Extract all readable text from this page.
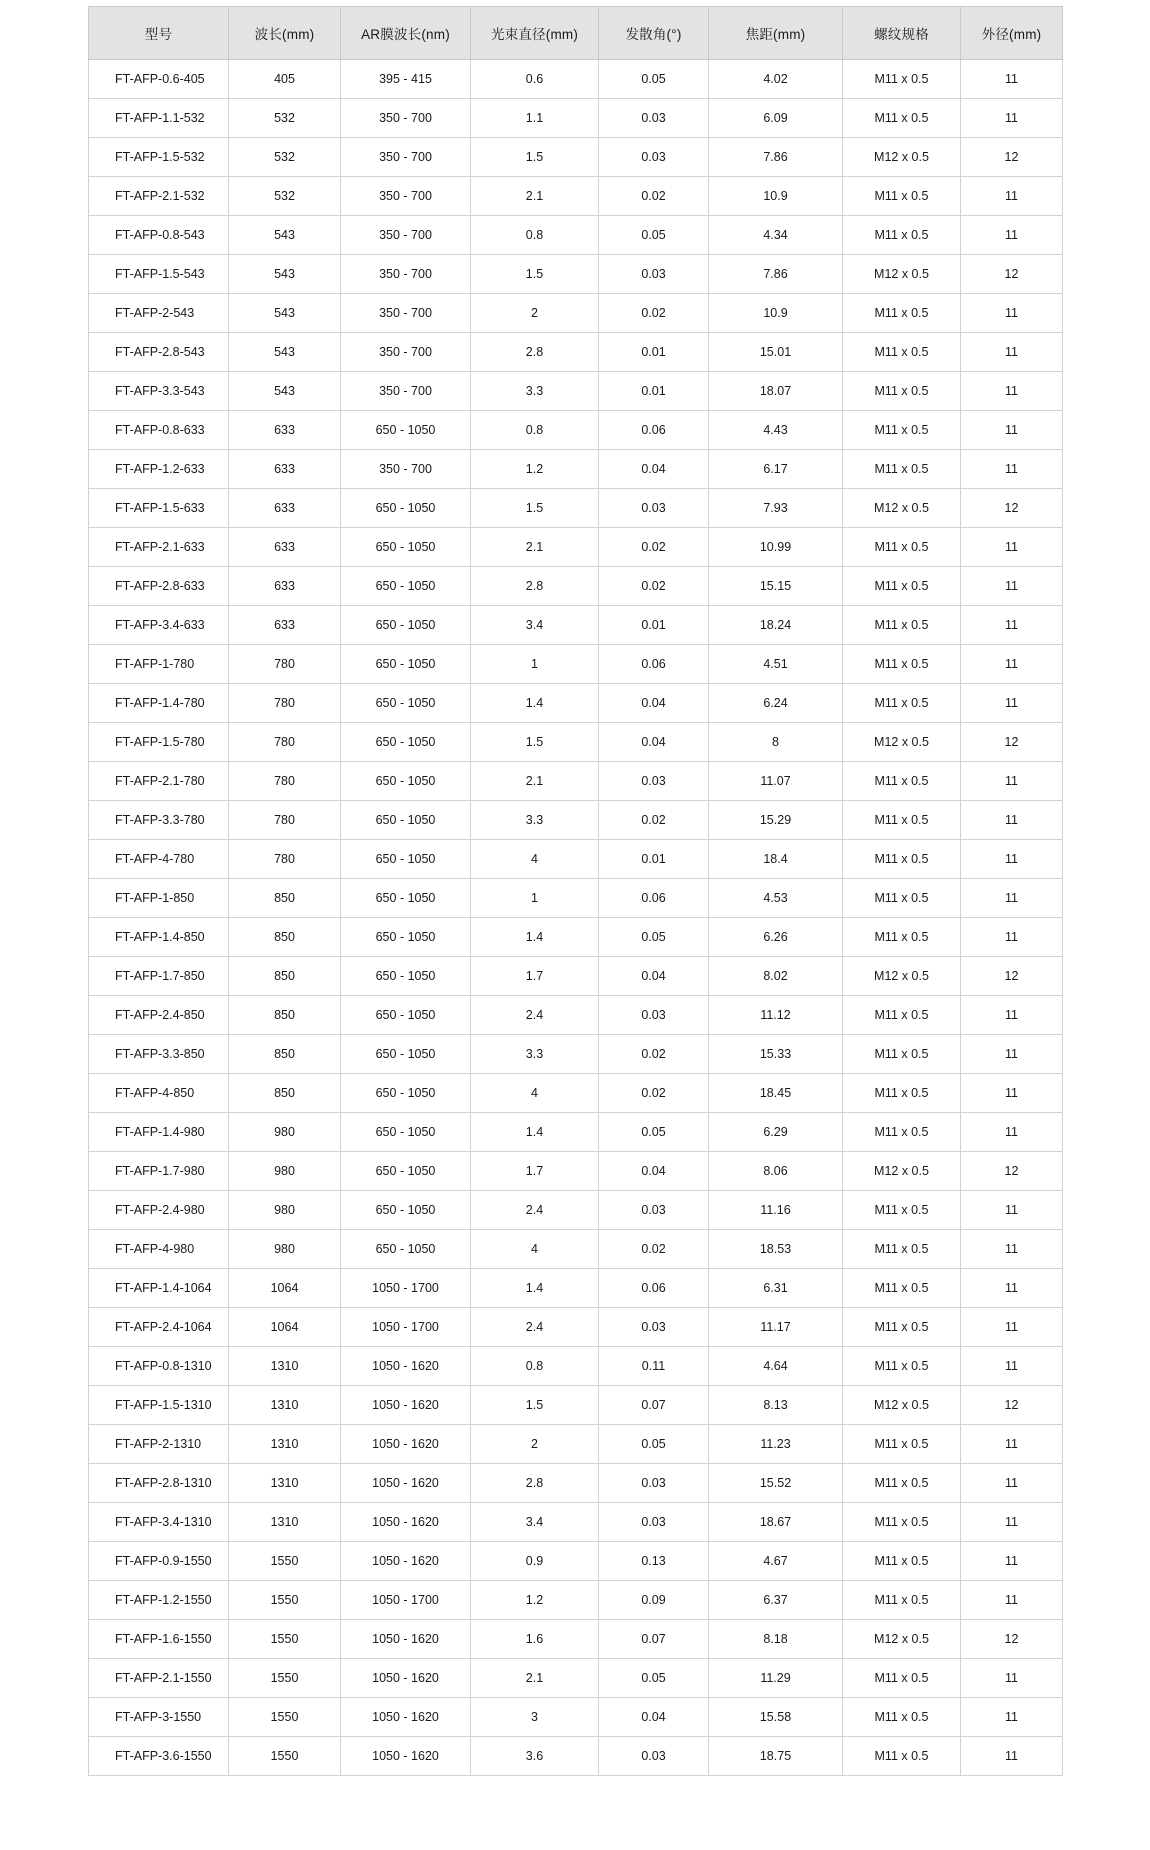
型号	波长(mm)	AR膜波长(nm)	光束直径(mm)	发散角(°)	焦距(mm)	螺纹规格	外径(mm)
FT-AFP-0.6-405	405	395 - 415	0.6	0.05	4.02	M11 x 0.5	11
FT-AFP-1.1-532	532	350 - 700	1.1	0.03	6.09	M11 x 0.5	11
FT-AFP-1.5-532	532	350 - 700	1.5	0.03	7.86	M12 x 0.5	12
FT-AFP-2.1-532	532	350 - 700	2.1	0.02	10.9	M11 x 0.5	11
FT-AFP-0.8-543	543	350 - 700	0.8	0.05	4.34	M11 x 0.5	11
FT-AFP-1.5-543	543	350 - 700	1.5	0.03	7.86	M12 x 0.5	12
FT-AFP-2-543	543	350 - 700	2	0.02	10.9	M11 x 0.5	11
FT-AFP-2.8-543	543	350 - 700	2.8	0.01	15.01	M11 x 0.5	11
FT-AFP-3.3-543	543	350 - 700	3.3	0.01	18.07	M11 x 0.5	11
FT-AFP-0.8-633	633	650 - 1050	0.8	0.06	4.43	M11 x 0.5	11
FT-AFP-1.2-633	633	350 - 700	1.2	0.04	6.17	M11 x 0.5	11
FT-AFP-1.5-633	633	650 - 1050	1.5	0.03	7.93	M12 x 0.5	12
FT-AFP-2.1-633	633	650 - 1050	2.1	0.02	10.99	M11 x 0.5	11
FT-AFP-2.8-633	633	650 - 1050	2.8	0.02	15.15	M11 x 0.5	11
FT-AFP-3.4-633	633	650 - 1050	3.4	0.01	18.24	M11 x 0.5	11
FT-AFP-1-780	780	650 - 1050	1	0.06	4.51	M11 x 0.5	11
FT-AFP-1.4-780	780	650 - 1050	1.4	0.04	6.24	M11 x 0.5	11
FT-AFP-1.5-780	780	650 - 1050	1.5	0.04	8	M12 x 0.5	12
FT-AFP-2.1-780	780	650 - 1050	2.1	0.03	11.07	M11 x 0.5	11
FT-AFP-3.3-780	780	650 - 1050	3.3	0.02	15.29	M11 x 0.5	11
FT-AFP-4-780	780	650 - 1050	4	0.01	18.4	M11 x 0.5	11
FT-AFP-1-850	850	650 - 1050	1	0.06	4.53	M11 x 0.5	11
FT-AFP-1.4-850	850	650 - 1050	1.4	0.05	6.26	M11 x 0.5	11
FT-AFP-1.7-850	850	650 - 1050	1.7	0.04	8.02	M12 x 0.5	12
FT-AFP-2.4-850	850	650 - 1050	2.4	0.03	11.12	M11 x 0.5	11
FT-AFP-3.3-850	850	650 - 1050	3.3	0.02	15.33	M11 x 0.5	11
FT-AFP-4-850	850	650 - 1050	4	0.02	18.45	M11 x 0.5	11
FT-AFP-1.4-980	980	650 - 1050	1.4	0.05	6.29	M11 x 0.5	11
FT-AFP-1.7-980	980	650 - 1050	1.7	0.04	8.06	M12 x 0.5	12
FT-AFP-2.4-980	980	650 - 1050	2.4	0.03	11.16	M11 x 0.5	11
FT-AFP-4-980	980	650 - 1050	4	0.02	18.53	M11 x 0.5	11
FT-AFP-1.4-1064	1064	1050 - 1700	1.4	0.06	6.31	M11 x 0.5	11
FT-AFP-2.4-1064	1064	1050 - 1700	2.4	0.03	11.17	M11 x 0.5	11
FT-AFP-0.8-1310	1310	1050 - 1620	0.8	0.11	4.64	M11 x 0.5	11
FT-AFP-1.5-1310	1310	1050 - 1620	1.5	0.07	8.13	M12 x 0.5	12
FT-AFP-2-1310	1310	1050 - 1620	2	0.05	11.23	M11 x 0.5	11
FT-AFP-2.8-1310	1310	1050 - 1620	2.8	0.03	15.52	M11 x 0.5	11
FT-AFP-3.4-1310	1310	1050 - 1620	3.4	0.03	18.67	M11 x 0.5	11
FT-AFP-0.9-1550	1550	1050 - 1620	0.9	0.13	4.67	M11 x 0.5	11
FT-AFP-1.2-1550	1550	1050 - 1700	1.2	0.09	6.37	M11 x 0.5	11
FT-AFP-1.6-1550	1550	1050 - 1620	1.6	0.07	8.18	M12 x 0.5	12
FT-AFP-2.1-1550	1550	1050 - 1620	2.1	0.05	11.29	M11 x 0.5	11
FT-AFP-3-1550	1550	1050 - 1620	3	0.04	15.58	M11 x 0.5	11
FT-AFP-3.6-1550	1550	1050 - 1620	3.6	0.03	18.75	M11 x 0.5	11
